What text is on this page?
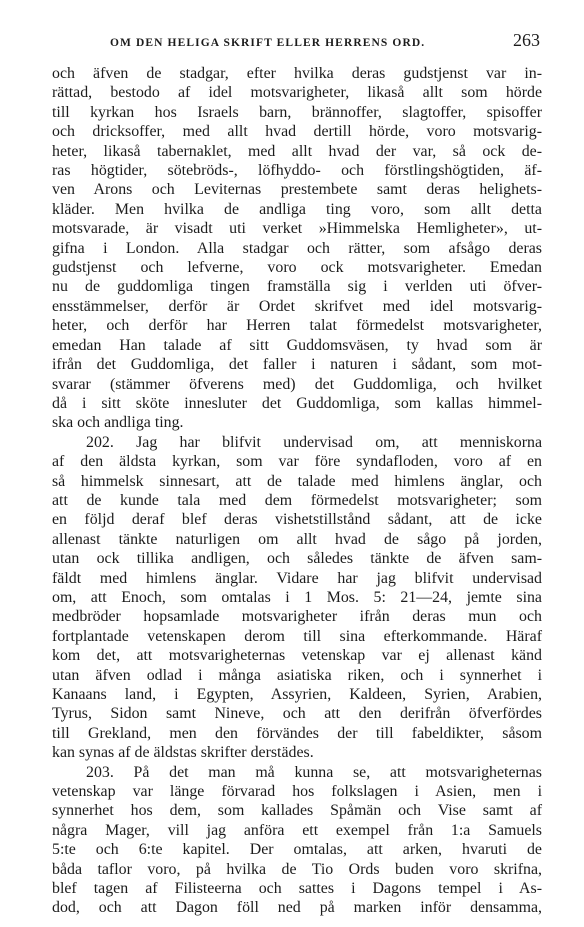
OM DEN HELIGA SKRIFT ELLER HERRENS ORD.	263
och äfven de stadgar, efter hvilka deras gudstjenst var in-
rättad, bestodo af idel motsvarigheter, likaså allt som hörde
till kyrkan hos Israels barn, brännoffer, slagtoffer, spisoffer
och dricksoffer, med allt hvad dertill hörde, voro motsvarig-
heter, likaså tabernaklet, med allt hvad der var, så ock de-
ras högtider, sötebröds-, löfhyddo- och förstlingshögtiden, äf-
ven Arons och Leviternas prestembete samt deras helighets-
kläder. Men hvilka de andliga ting voro, som allt detta
motsvarade, är visadt uti verket »Himmelska Hemligheter», ut-
gifna i London. Alla stadgar och rätter, som afsågo deras
gudstjenst och lefverne, voro ock motsvarigheter. Emedan
nu de guddomliga tingen framställa sig i verlden uti öfver-
ensstämmelser, derför är Ordet skrifvet med idel motsvarig-
heter, och derför har Herren talat förmedelst motsvarigheter,
emedan Han talade af sitt Guddomsväsen, ty hvad som är
ifrån det Guddomliga, det faller i naturen i sådant, som mot-
svarar (stämmer öfverens med) det Guddomliga, och hvilket
då i sitt sköte innesluter det Guddomliga, som kallas himmel-
ska och andliga ting.
202. Jag har blifvit undervisad om, att menniskorna
af den äldsta kyrkan, som var före syndafloden, voro af en
så himmelsk sinnesart, att de talade med himlens änglar, och
att de kunde tala med dem förmedelst motsvarigheter; som
en följd deraf blef deras vishetstillstånd sådant, att de icke
allenast tänkte naturligen om allt hvad de sågo på jorden,
utan ock tillika andligen, och således tänkte de äfven sam-
fäldt med himlens änglar. Vidare har jag blifvit undervisad
om, att Enoch, som omtalas i 1 Mos. 5: 21—24, jemte sina
medbröder hopsamlade motsvarigheter ifrån deras mun och
fortplantade vetenskapen derom till sina efterkommande. Häraf
kom det, att motsvarigheternas vetenskap var ej allenast känd
utan äfven odlad i många asiatiska riken, och i synnerhet i
Kanaans land, i Egypten, Assyrien, Kaldeen, Syrien, Arabien,
Tyrus, Sidon samt Nineve, och att den derifrån öfverfördes
till Grekland, men den förvändes der till fabeldikter, såsom
kan synas af de äldstas skrifter derstädes.
203. På det man må kunna se, att motsvarigheternas
vetenskap var länge förvarad hos folkslagen i Asien, men i
synnerhet hos dem, som kallades Spåmän och Vise samt af
några Mager, vill jag anföra ett exempel från 1:a Samuels
5:te och 6:te kapitel. Der omtalas, att arken, hvaruti de
båda taflor voro, på hvilka de Tio Ords buden voro skrifna,
blef tagen af Filisteerna och sattes i Dagons tempel i As-
dod, och att Dagon föll ned på marken inför densamma,
